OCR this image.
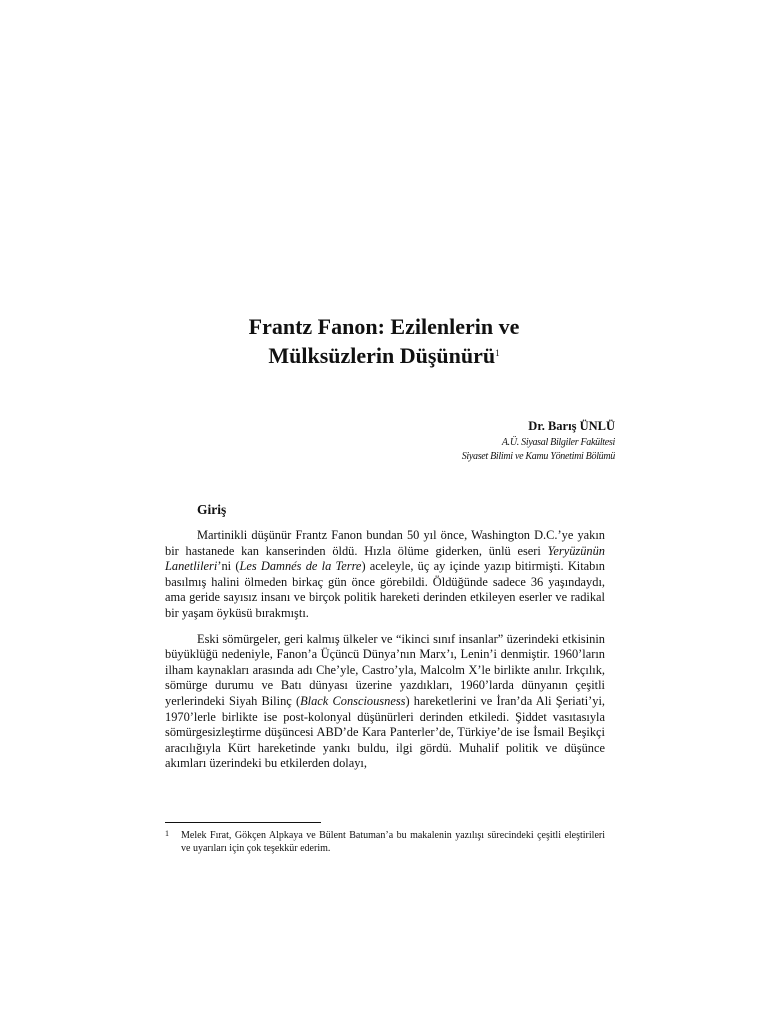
Frantz Fanon: Ezilenlerin ve
Mülksüzlerin Düşünürü$^1$
Dr. Barış ÜNLÜ
A.Ü. Siyasal Bilgiler Fakültesi
Siyaset Bilimi ve Kamu Yönetimi Bölümü
Giriş

Martinikli düşünür Frantz Fanon bundan 50 yıl önce, Washington D.C.’ye yakın bir hastanede kan kanserinden öldü. Hızla ölüme giderken, ünlü eseri Yeryüzünün Lanetlileri’ni (Les Damnés de la Terre) aceleyle, üç ay içinde yazıp bitirmişti. Kitabın basılmış halini ölmeden birkaç gün önce görebildi. Öldüğünde sadece 36 yaşındaydı, ama geride sayısız insanı ve birçok politik hareketi derinden etkileyen eserler ve radikal bir yaşam öyküsü bırakmıştı.

Eski sömürgeler, geri kalmış ülkeler ve “ikinci sınıf insanlar” üzerindeki etkisinin büyüklüğü nedeniyle, Fanon’a Üçüncü Dünya’nın Marx’ı, Lenin’i denmiştir. 1960’ların ilham kaynakları arasında adı Che’yle, Castro’yla, Malcolm X’le birlikte anılır. Irkçılık, sömürge durumu ve Batı dünyası üzerine yazdıkları, 1960’larda dünyanın çeşitli yerlerindeki Siyah Bilinç (Black Consciousness) hareketlerini ve İran’da Ali Şeriati’yi, 1970’lerle birlikte ise post-kolonyal düşünürleri derinden etkiledi. Şiddet vasıtasıyla sömürgesizleştirme düşüncesi ABD’de Kara Panterler’de, Türkiye’de ise İsmail Beşikçi aracılığıyla Kürt hareketinde yankı buldu, ilgi gördü. Muhalif politik ve düşünce akımları üzerindeki bu etkilerden dolayı,

1 Melek Fırat, Gökçen Alpkaya ve Bülent Batuman’a bu makalenin yazılışı sürecindeki çeşitli eleştirileri ve uyarıları için çok teşekkür ederim.
